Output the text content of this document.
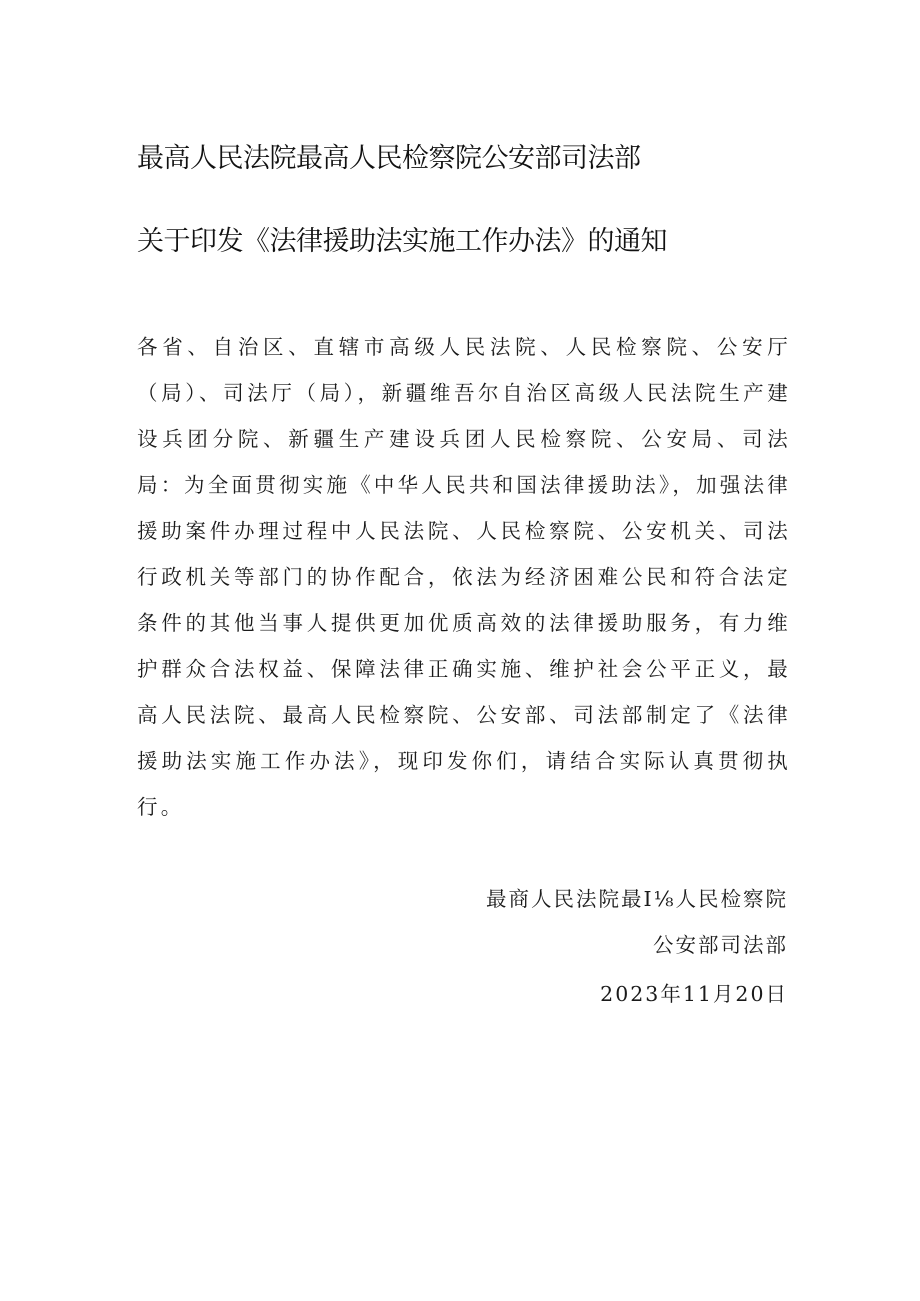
最高人民法院最高人民检察院公安部司法部
关于印发《法律援助法实施工作办法》的通知
各省、自治区、直辖市高级人民法院、人民检察院、公安厅（局）、司法厅（局），新疆维吾尔自治区高级人民法院生产建设兵团分院、新疆生产建设兵团人民检察院、公安局、司法局： 为全面贯彻实施《中华人民共和国法律援助法》，加强法律援助案件办理过程中人民法院、人民检察院、公安机关、司法行政机关等部门的协作配合，依法为经济困难公民和符合法定条件的其他当事人提供更加优质高效的法律援助服务，有力维护群众合法权益、保障法律正确实施、维护社会公平正义，最高人民法院、最高人民检察院、公安部、司法部制定了《法律援助法实施工作办法》，现印发你们，请结合实际认真贯彻执行。
最商人民法院最I⅛人民检察院
公安部司法部
2023年11月20日
